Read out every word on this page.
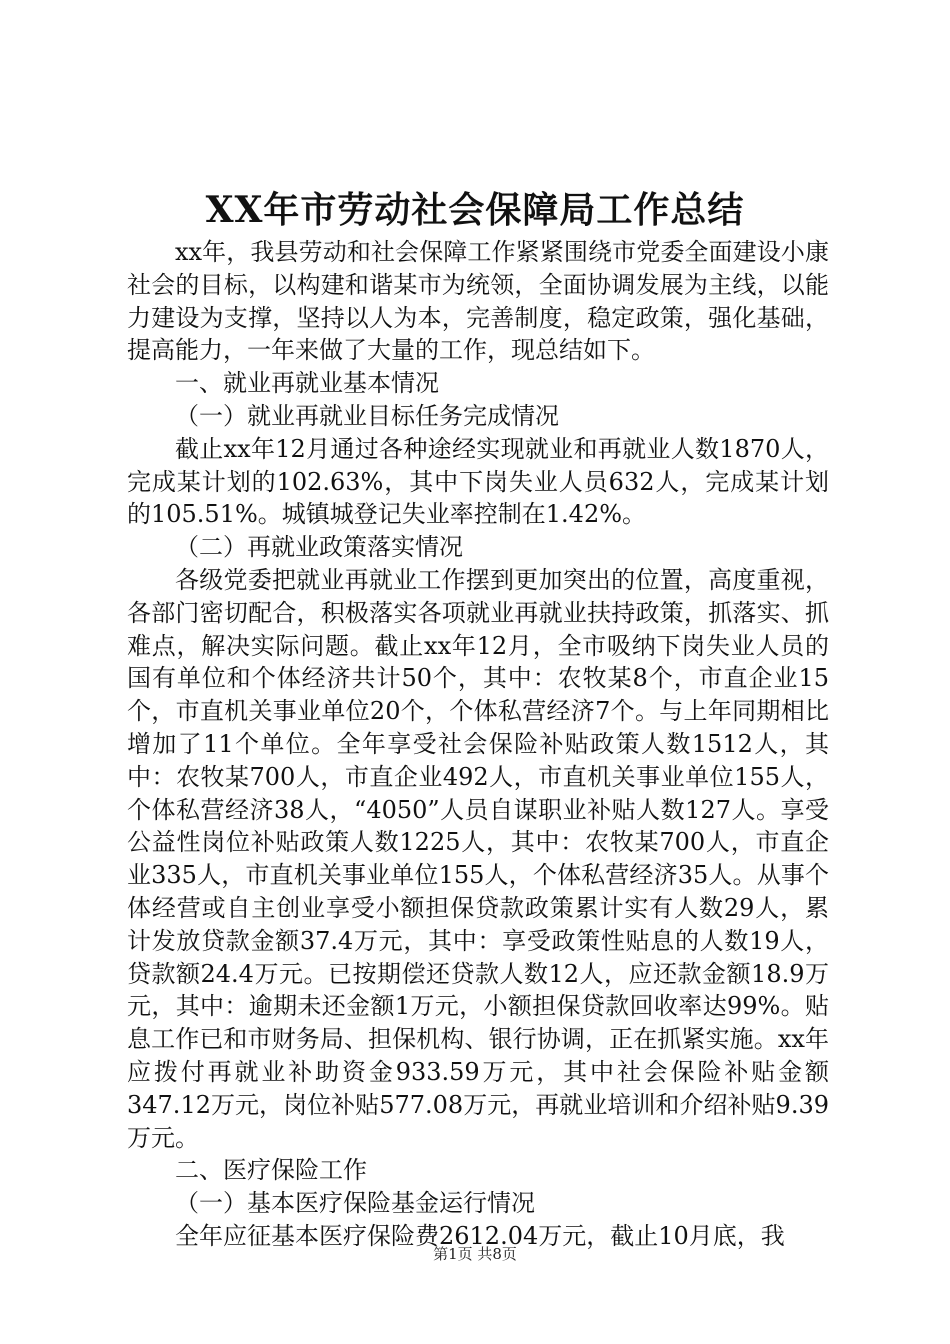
XX年市劳动社会保障局工作总结

xx年，我县劳动和社会保障工作紧紧围绕市党委全面建设小康社会的目标，以构建和谐某市为统领，全面协调发展为主线，以能力建设为支撑，坚持以人为本，完善制度，稳定政策，强化基础，提高能力，一年来做了大量的工作，现总结如下。

一、就业再就业基本情况

（一）就业再就业目标任务完成情况

截止xx年12月通过各种途经实现就业和再就业人数1870人，完成某计划的102.63%，其中下岗失业人员632人，完成某计划的105.51%。城镇城登记失业率控制在1.42%。

（二）再就业政策落实情况

各级党委把就业再就业工作摆到更加突出的位置，高度重视，各部门密切配合，积极落实各项就业再就业扶持政策，抓落实、抓难点，解决实际问题。截止xx年12月，全市吸纳下岗失业人员的国有单位和个体经济共计50个，其中：农牧某8个，市直企业15个，市直机关事业单位20个，个体私营经济7个。与上年同期相比增加了11个单位。全年享受社会保险补贴政策人数1512人，其中：农牧某700人，市直企业492人，市直机关事业单位155人，个体私营经济38人，“4050”人员自谋职业补贴人数127人。享受公益性岗位补贴政策人数1225人，其中：农牧某700人，市直企业335人，市直机关事业单位155人，个体私营经济35人。从事个体经营或自主创业享受小额担保贷款政策累计实有人数29人，累计发放贷款金额37.4万元，其中：享受政策性贴息的人数19人，贷款额24.4万元。已按期偿还贷款人数12人，应还款金额18.9万元，其中：逾期未还金额1万元，小额担保贷款回收率达99%。贴息工作已和市财务局、担保机构、银行协调，正在抓紧实施。xx年应拨付再就业补助资金933.59万元，其中社会保险补贴金额347.12万元，岗位补贴577.08万元，再就业培训和介绍补贴9.39万元。

二、医疗保险工作

（一）基本医疗保险基金运行情况

全年应征基本医疗保险费2612.04万元，截止10月底，我

第1页 共8页
